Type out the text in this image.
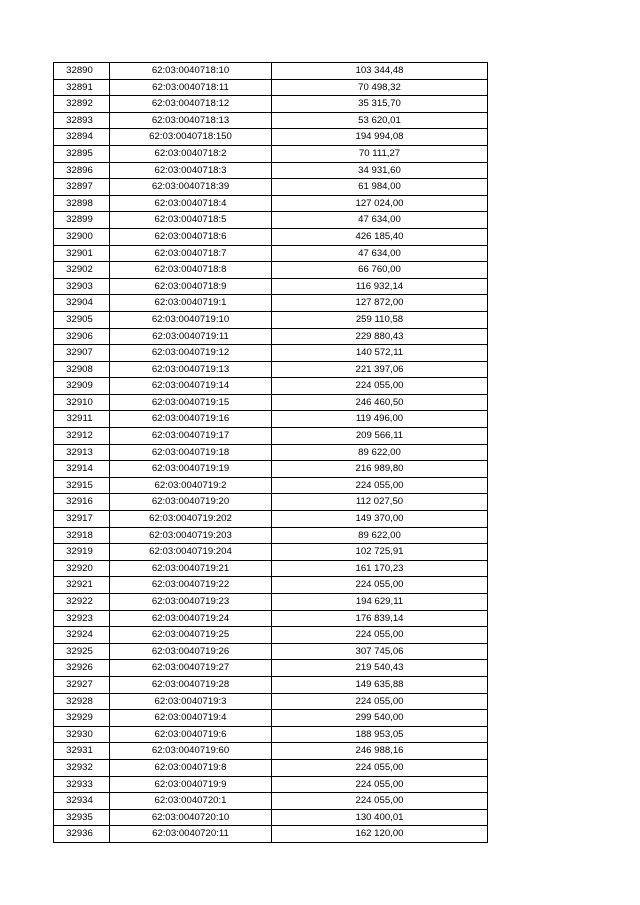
32890	62:03:0040718:10	103 344,48
32891	62:03:0040718:11	70 498,32
32892	62:03:0040718:12	35 315,70
32893	62:03:0040718:13	53 620,01
32894	62:03:0040718:150	194 994,08
32895	62:03:0040718:2	70 111,27
32896	62:03:0040718:3	34 931,60
32897	62:03:0040718:39	61 984,00
32898	62:03:0040718:4	127 024,00
32899	62:03:0040718:5	47 634,00
32900	62:03:0040718:6	426 185,40
32901	62:03:0040718:7	47 634,00
32902	62:03:0040718:8	66 760,00
32903	62:03:0040718:9	116 932,14
32904	62:03:0040719:1	127 872,00
32905	62:03:0040719:10	259 110,58
32906	62:03:0040719:11	229 880,43
32907	62:03:0040719:12	140 572,11
32908	62:03:0040719:13	221 397,06
32909	62:03:0040719:14	224 055,00
32910	62:03:0040719:15	246 460,50
32911	62:03:0040719:16	119 496,00
32912	62:03:0040719:17	209 566,11
32913	62:03:0040719:18	89 622,00
32914	62:03:0040719:19	216 989,80
32915	62:03:0040719:2	224 055,00
32916	62:03:0040719:20	112 027,50
32917	62:03:0040719:202	149 370,00
32918	62:03:0040719:203	89 622,00
32919	62:03:0040719:204	102 725,91
32920	62:03:0040719:21	161 170,23
32921	62:03:0040719:22	224 055,00
32922	62:03:0040719:23	194 629,11
32923	62:03:0040719:24	176 839,14
32924	62:03:0040719:25	224 055,00
32925	62:03:0040719:26	307 745,06
32926	62:03:0040719:27	219 540,43
32927	62:03:0040719:28	149 635,88
32928	62:03:0040719:3	224 055,00
32929	62:03:0040719:4	299 540,00
32930	62:03:0040719:6	188 953,05
32931	62:03:0040719:60	246 988,16
32932	62:03:0040719:8	224 055,00
32933	62:03:0040719:9	224 055,00
32934	62:03:0040720:1	224 055,00
32935	62:03:0040720:10	130 400,01
32936	62:03:0040720:11	162 120,00
